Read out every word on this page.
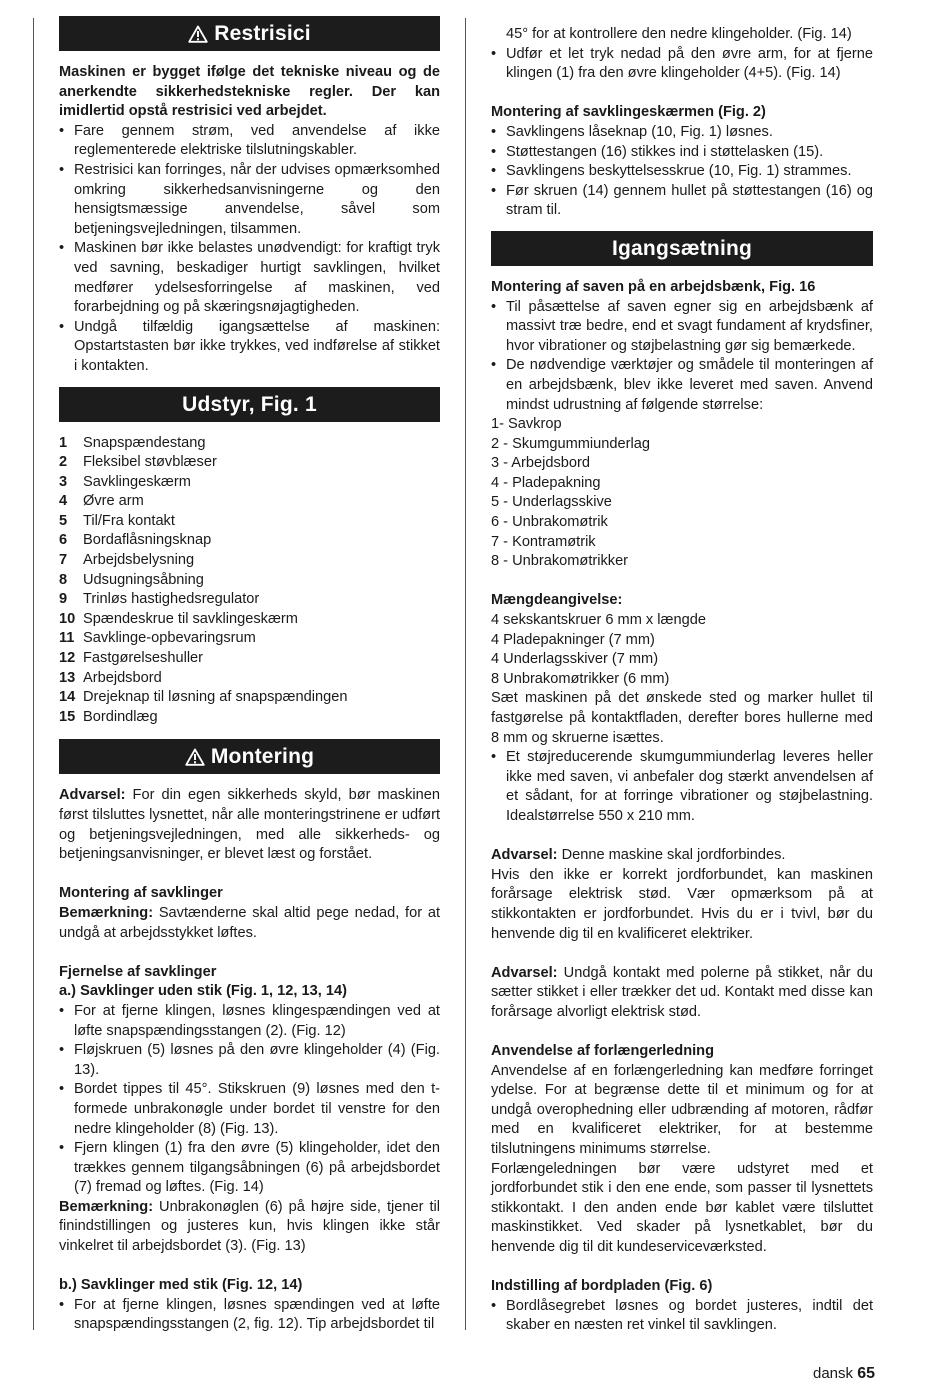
Restrisici

Maskinen er bygget ifølge det tekniske niveau og de anerkendte sikkerhedstekniske regler. Der kan imidlertid opstå restrisici ved arbejdet.

• Fare gennem strøm, ved anvendelse af ikke reglementerede elektriske tilslutningskabler.
• Restrisici kan forringes, når der udvises opmærksomhed omkring sikkerhedsanvisningerne og den hensigtsmæssige anvendelse, såvel som betjeningsvejledningen, tilsammen.
• Maskinen bør ikke belastes unødvendigt: for kraftigt tryk ved savning, beskadiger hurtigt savklingen, hvilket medfører ydelsesforringelse af maskinen, ved forarbejdning og på skæringsnøjagtigheden.
• Undgå tilfældig igangsættelse af maskinen: Opstartstasten bør ikke trykkes, ved indførelse af stikket i kontakten.
Udstyr, Fig. 1
1	Snapspændestang
2	Fleksibel støvblæser
3	Savklingeskærm
4	Øvre arm
5	Til/Fra kontakt
6	Bordaflåsningsknap
7	Arbejdsbelysning
8	Udsugningsåbning
9	Trinløs hastighedsregulator
10 Spændeskrue til savklingeskærm
11 Savklinge-opbevaringsrum
12 Fastgørelseshuller
13 Arbejdsbord
14 Drejeknap til løsning af snapspændingen
15 Bordindlæg
Montering

Advarsel: For din egen sikkerheds skyld, bør maskinen først tilsluttes lysnettet, når alle monteringstrinene er udført og betjeningsvejledningen, med alle sikkerheds- og betjeningsanvisninger, er blevet læst og forstået.

Montering af savklinger

Bemærkning: Savtænderne skal altid pege nedad, for at undgå at arbejdsstykket løftes.

Fjernelse af savklinger

a.) Savklinger uden stik (Fig. 1, 12, 13, 14)

• For at fjerne klingen, løsnes klingespændingen ved at løfte snapspændingsstangen (2). (Fig. 12)
• Fløjskruen (5) løsnes på den øvre klingeholder (4) (Fig. 13).
• Bordet tippes til 45°. Stikskruen (9) løsnes med den t-formede unbrakonøgle under bordet til venstre for den nedre klingeholder (8) (Fig. 13).
• Fjern klingen (1) fra den øvre (5) klingeholder, idet den trækkes gennem tilgangsåbningen (6) på arbejdsbordet (7) fremad og løftes. (Fig. 14)

Bemærkning: Unbrakonøglen (6) på højre side, tjener til finindstillingen og justeres kun, hvis klingen ikke står vinkelret til arbejdsbordet (3). (Fig. 13)

b.) Savklinger med stik (Fig. 12, 14)

• For at fjerne klingen, løsnes spændingen ved at løfte snapspændingsstangen (2, fig. 12). Tip arbejdsbordet til

45° for at kontrollere den nedre klingeholder. (Fig. 14)

• Udfør et let tryk nedad på den øvre arm, for at fjerne klingen (1) fra den øvre klingeholder (4+5). (Fig. 14)

Montering af savklingeskærmen (Fig. 2)

• Savklingens låseknap (10, Fig. 1) løsnes.
• Støttestangen (16) stikkes ind i støttelasken (15).
• Savklingens beskyttelsesskrue (10, Fig. 1) strammes.
• Før skruen (14) gennem hullet på støttestangen (16) og stram til.
Igangsætning

Montering af saven på en arbejdsbænk, Fig. 16

• Til påsættelse af saven egner sig en arbejdsbænk af massivt træ bedre, end et svagt fundament af krydsfiner, hvor vibrationer og støjbelastning gør sig bemærkede.
• De nødvendige værktøjer og smådele til monteringen af en arbejdsbænk, blev ikke leveret med saven. Anvend mindst udrustning af følgende størrelse:

1- Savkrop

2 - Skumgummiunderlag

3 - Arbejdsbord

4 - Pladepakning

5 - Underlagsskive

6 - Unbrakomøtrik

7 - Kontramøtrik

8 - Unbrakomøtrikker

Mængdeangivelse:

4 sekskantskruer 6 mm x længde

4 Pladepakninger (7 mm)

4 Underlagsskiver (7 mm)

8 Unbrakomøtrikker (6 mm)

Sæt maskinen på det ønskede sted og marker hullet til fastgørelse på kontaktfladen, derefter bores hullerne med 8 mm og skruerne isættes.

• Et støjreducerende skumgummiunderlag leveres heller ikke med saven, vi anbefaler dog stærkt anvendelsen af et sådant, for at forringe vibrationer og støjbelastning. Idealstørrelse 550 x 210 mm.

Advarsel: Denne maskine skal jordforbindes.

Hvis den ikke er korrekt jordforbundet, kan maskinen forårsage elektrisk stød. Vær opmærksom på at stikkontakten er jordforbundet. Hvis du er i tvivl, bør du henvende dig til en kvalificeret elektriker.

Advarsel: Undgå kontakt med polerne på stikket, når du sætter stikket i eller trækker det ud. Kontakt med disse kan forårsage alvorligt elektrisk stød.

Anvendelse af forlængerledning

Anvendelse af en forlængerledning kan medføre forringet ydelse. For at begrænse dette til et minimum og for at undgå overophedning eller udbrænding af motoren, rådfør med en kvalificeret elektriker, for at bestemme tilslutningens minimums størrelse.

Forlængeledningen bør være udstyret med et jordforbundet stik i den ene ende, som passer til lysnettets stikkontakt. I den anden ende bør kablet være tilsluttet maskinstikket. Ved skader på lysnetkablet, bør du henvende dig til dit kundeserviceværksted.

Indstilling af bordpladen (Fig. 6)

• Bordlåsegrebet løsnes og bordet justeres, indtil det skaber en næsten ret vinkel til savklingen.
dansk 65
